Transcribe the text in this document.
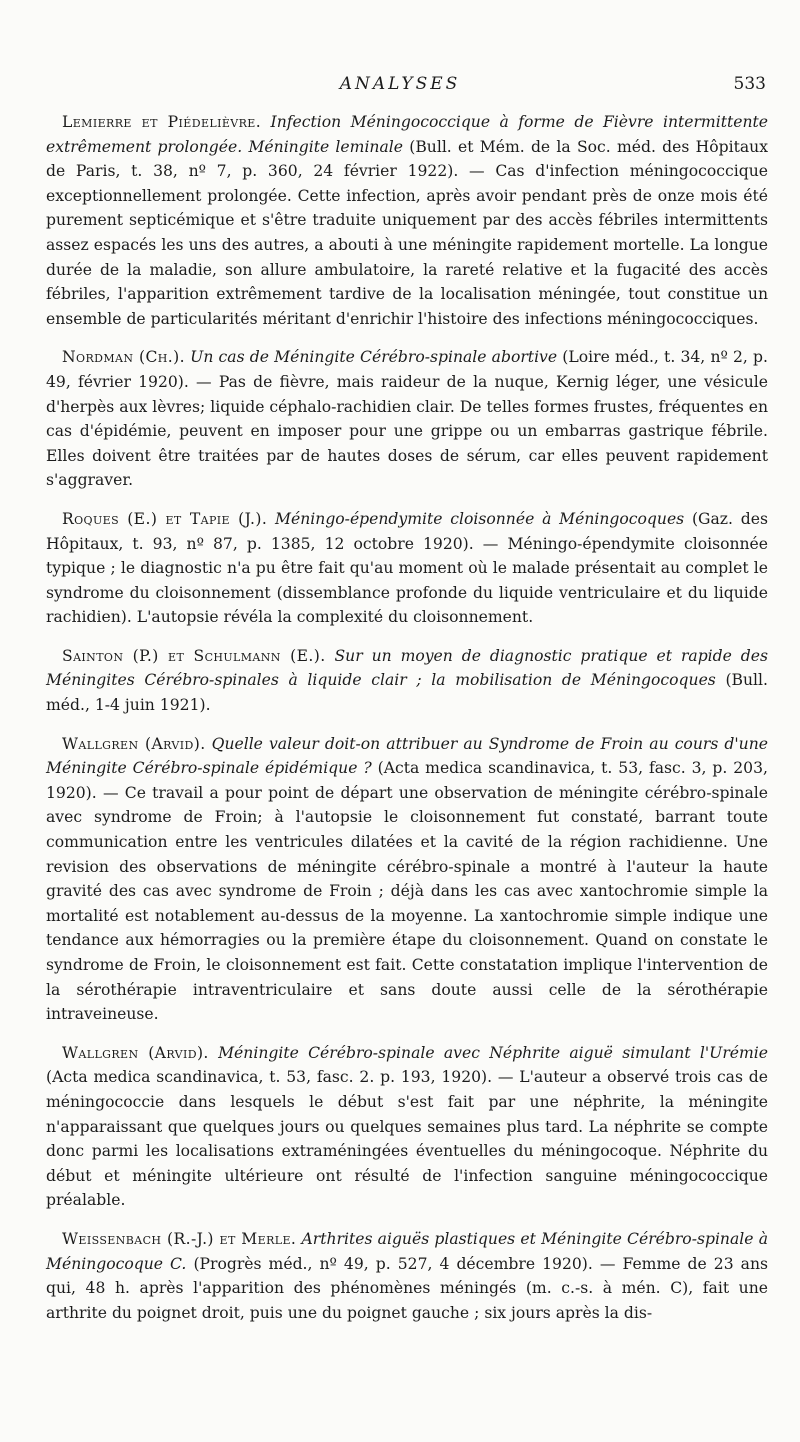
ANALYSES	533

Lemierre et Piédelièvre. Infection Méningococcique à forme de Fièvre intermittente extrêmement prolongée. Méningite leminale (Bull. et Mém. de la Soc. méd. des Hôpitaux de Paris, t. 38, nº 7, p. 360, 24 février 1922). — Cas d'infection méningococcique exceptionnellement prolongée. Cette infection, après avoir pendant près de onze mois été purement septicémique et s'être traduite uniquement par des accès fébriles intermittents assez espacés les uns des autres, a abouti à une méningite rapidement mortelle. La longue durée de la maladie, son allure ambulatoire, la rareté relative et la fugacité des accès fébriles, l'apparition extrêmement tardive de la localisation méningée, tout constitue un ensemble de particularités méritant d'enrichir l'histoire des infections méningococciques.

Nordman (Ch.). Un cas de Méningite Cérébro-spinale abortive (Loire méd., t. 34, nº 2, p. 49, février 1920). — Pas de fièvre, mais raideur de la nuque, Kernig léger, une vésicule d'herpès aux lèvres; liquide céphalo-rachidien clair. De telles formes frustes, fréquentes en cas d'épidémie, peuvent en imposer pour une grippe ou un embarras gastrique fébrile. Elles doivent être traitées par de hautes doses de sérum, car elles peuvent rapidement s'aggraver.

Roques (E.) et Tapie (J.). Méningo-épendymite cloisonnée à Méningocoques (Gaz. des Hôpitaux, t. 93, nº 87, p. 1385, 12 octobre 1920). — Méningo-épendymite cloisonnée typique ; le diagnostic n'a pu être fait qu'au moment où le malade présentait au complet le syndrome du cloisonnement (dissemblance profonde du liquide ventriculaire et du liquide rachidien). L'autopsie révéla la complexité du cloisonnement.

Sainton (P.) et Schulmann (E.). Sur un moyen de diagnostic pratique et rapide des Méningites Cérébro-spinales à liquide clair ; la mobilisation de Méningocoques (Bull. méd., 1-4 juin 1921).

Wallgren (Arvid). Quelle valeur doit-on attribuer au Syndrome de Froin au cours d'une Méningite Cérébro-spinale épidémique ? (Acta medica scandinavica, t. 53, fasc. 3, p. 203, 1920). — Ce travail a pour point de départ une observation de méningite cérébro-spinale avec syndrome de Froin; à l'autopsie le cloisonnement fut constaté, barrant toute communication entre les ventricules dilatées et la cavité de la région rachidienne. Une revision des observations de méningite cérébro-spinale a montré à l'auteur la haute gravité des cas avec syndrome de Froin ; déjà dans les cas avec xantochromie simple la mortalité est notablement au-dessus de la moyenne. La xantochromie simple indique une tendance aux hémorragies ou la première étape du cloisonnement. Quand on constate le syndrome de Froin, le cloisonnement est fait. Cette constatation implique l'intervention de la sérothérapie intraventriculaire et sans doute aussi celle de la sérothérapie intraveineuse.

Wallgren (Arvid). Méningite Cérébro-spinale avec Néphrite aiguë simulant l'Urémie (Acta medica scandinavica, t. 53, fasc. 2. p. 193, 1920). — L'auteur a observé trois cas de méningococcie dans lesquels le début s'est fait par une néphrite, la méningite n'apparaissant que quelques jours ou quelques semaines plus tard. La néphrite se compte donc parmi les localisations extraméningées éventuelles du méningocoque. Néphrite du début et méningite ultérieure ont résulté de l'infection sanguine méningococcique préalable.

Weissenbach (R.-J.) et Merle. Arthrites aiguës plastiques et Méningite Cérébro-spinale à Méningocoque C. (Progrès méd., nº 49, p. 527, 4 décembre 1920). — Femme de 23 ans qui, 48 h. après l'apparition des phénomènes méningés (m. c.-s. à mén. C), fait une arthrite du poignet droit, puis une du poignet gauche ; six jours après la dis-
